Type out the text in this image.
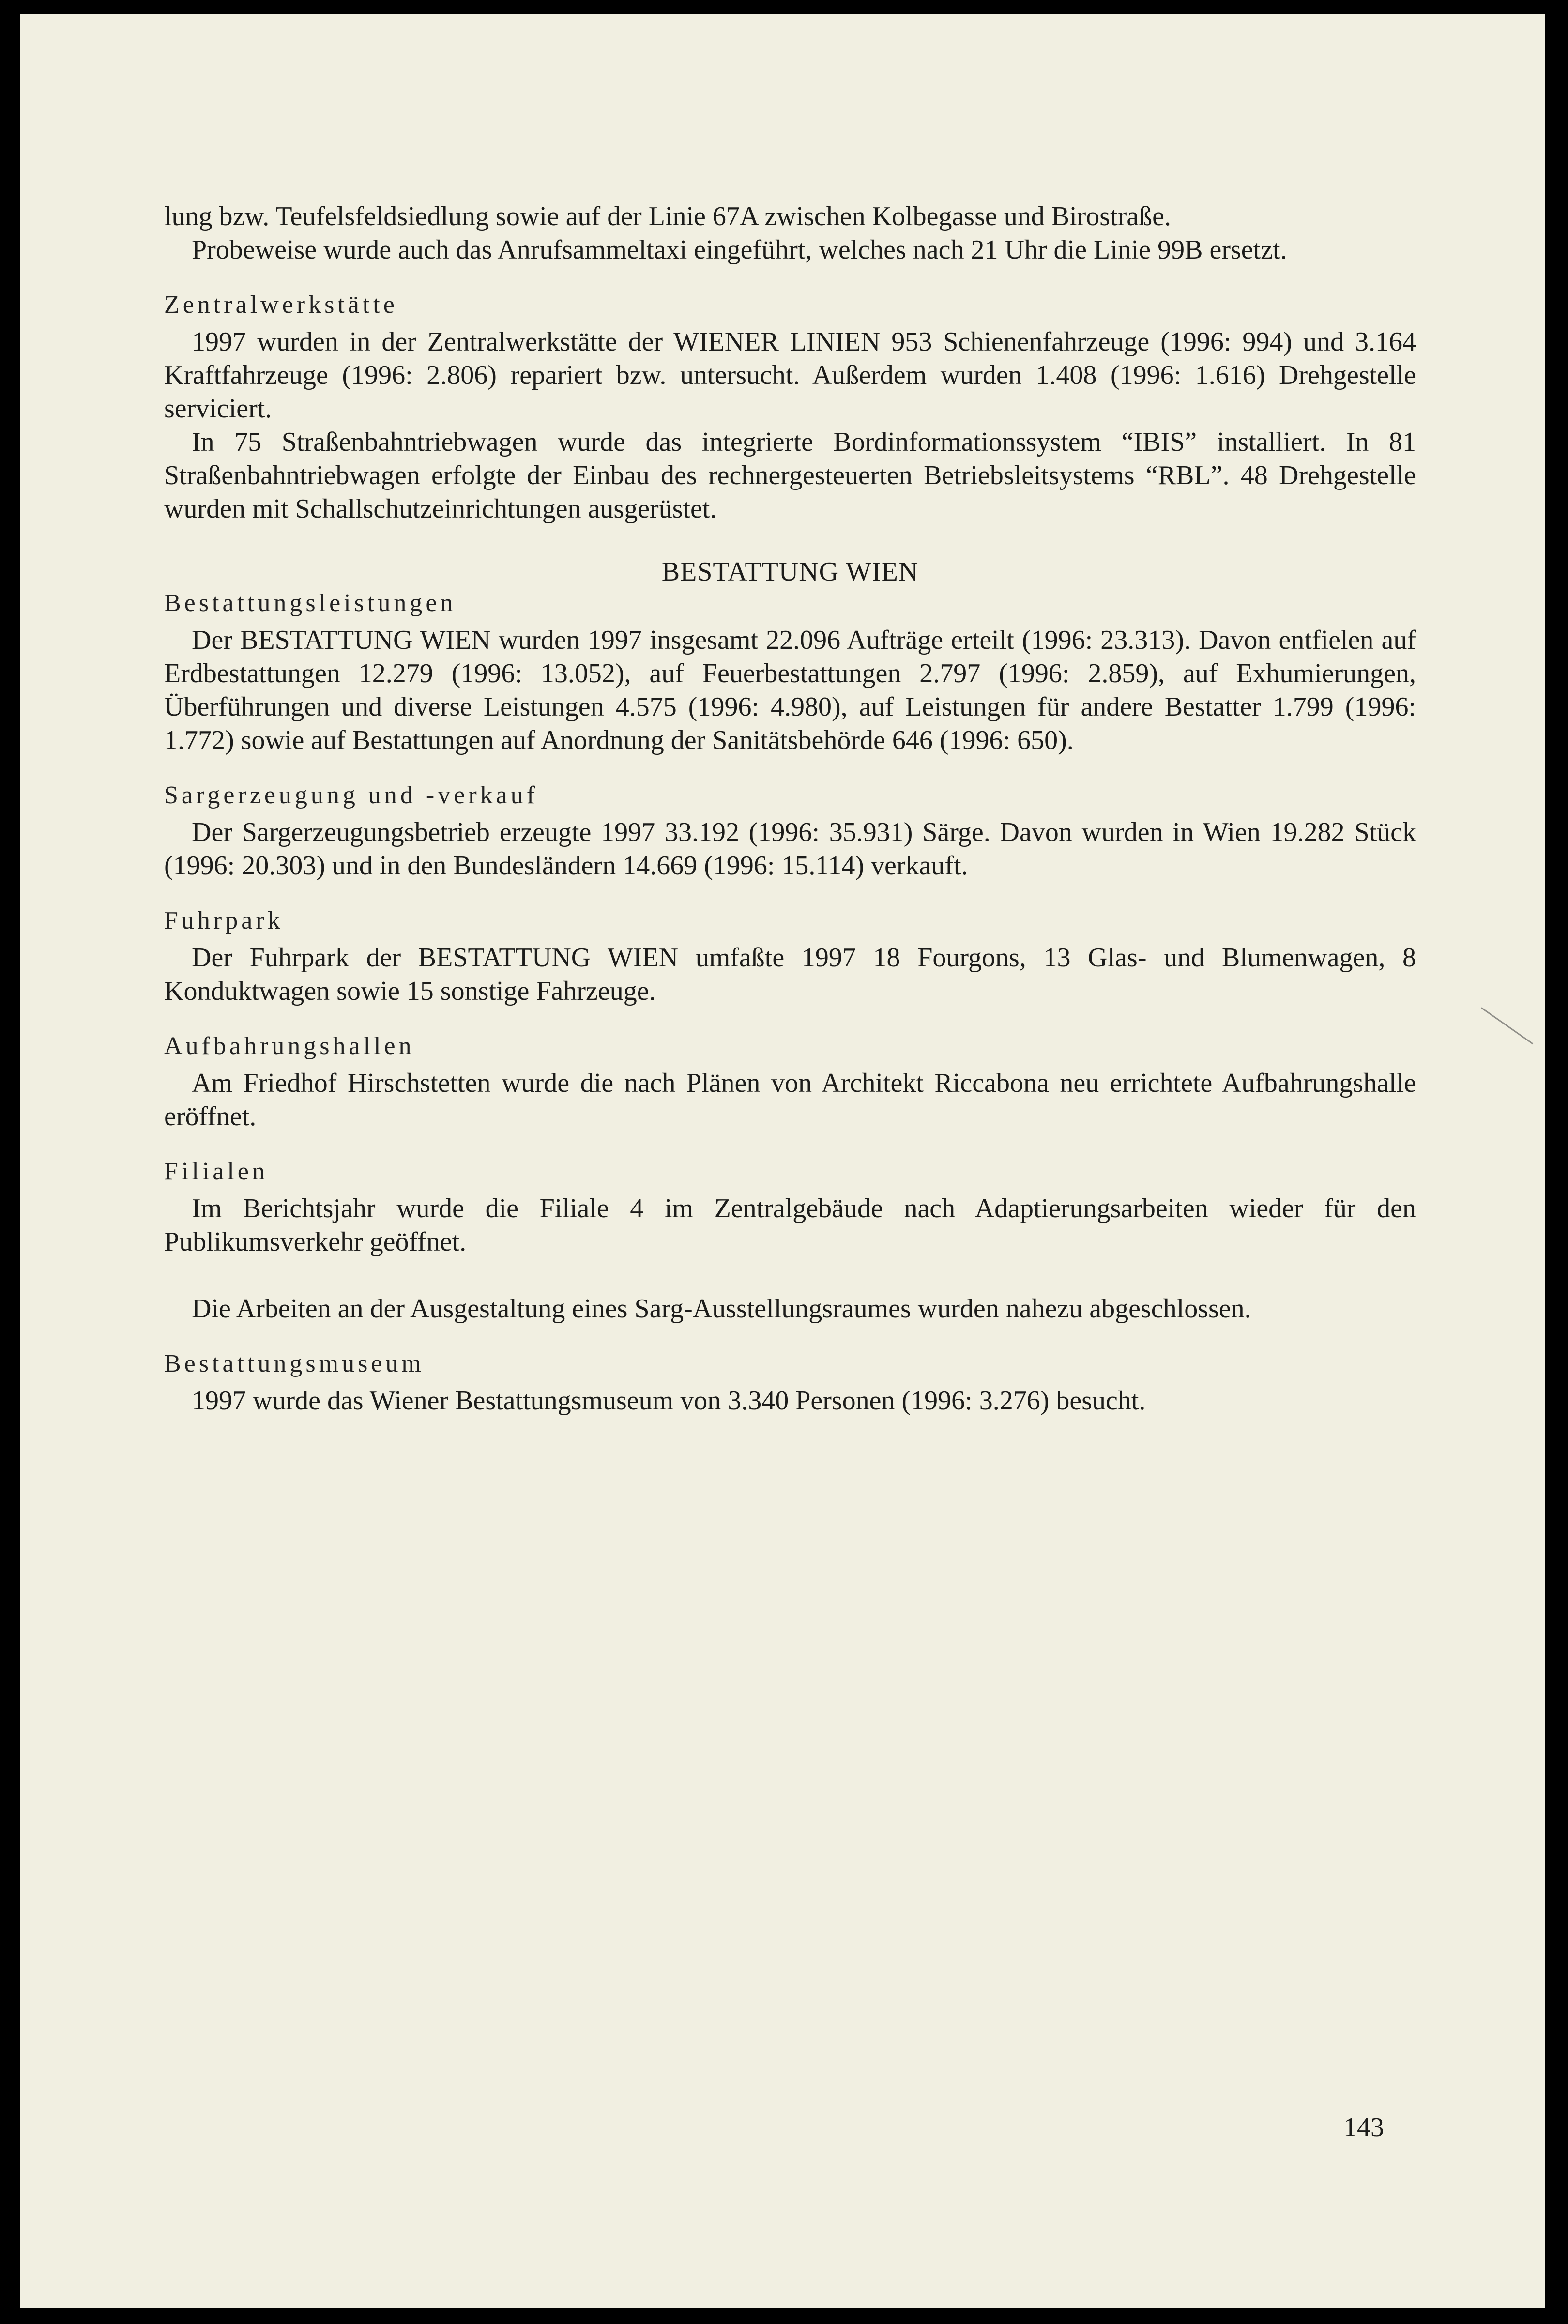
lung bzw. Teufelsfeldsiedlung sowie auf der Linie 67A zwischen Kolbegasse und Birostraße.

Probeweise wurde auch das Anrufsammeltaxi eingeführt, welches nach 21 Uhr die Linie 99B ersetzt.

Zentralwerkstätte

1997 wurden in der Zentralwerkstätte der WIENER LINIEN 953 Schienenfahrzeuge (1996: 994) und 3.164 Kraftfahrzeuge (1996: 2.806) repariert bzw. untersucht. Außerdem wurden 1.408 (1996: 1.616) Drehgestelle serviciert.

In 75 Straßenbahntriebwagen wurde das integrierte Bordinformationssystem “IBIS” installiert. In 81 Straßenbahntriebwagen erfolgte der Einbau des rechnergesteuerten Betriebsleitsystems “RBL”. 48 Drehgestelle wurden mit Schallschutzeinrichtungen ausgerüstet.

BESTATTUNG WIEN
Bestattungsleistungen

Der BESTATTUNG WIEN wurden 1997 insgesamt 22.096 Aufträge erteilt (1996: 23.313). Davon entfielen auf Erdbestattungen 12.279 (1996: 13.052), auf Feuerbestattungen 2.797 (1996: 2.859), auf Exhumierungen, Überführungen und diverse Leistungen 4.575 (1996: 4.980), auf Leistungen für andere Bestatter 1.799 (1996: 1.772) sowie auf Bestattungen auf Anordnung der Sanitätsbehörde 646 (1996: 650).

Sargerzeugung und -verkauf

Der Sargerzeugungsbetrieb erzeugte 1997 33.192 (1996: 35.931) Särge. Davon wurden in Wien 19.282 Stück (1996: 20.303) und in den Bundesländern 14.669 (1996: 15.114) verkauft.

Fuhrpark

Der Fuhrpark der BESTATTUNG WIEN umfaßte 1997 18 Fourgons, 13 Glas- und Blumenwagen, 8 Konduktwagen sowie 15 sonstige Fahrzeuge.

Aufbahrungshallen

Am Friedhof Hirschstetten wurde die nach Plänen von Architekt Riccabona neu errichtete Aufbahrungshalle eröffnet.

Filialen

Im Berichtsjahr wurde die Filiale 4 im Zentralgebäude nach Adaptierungsarbeiten wieder für den Publikumsverkehr geöffnet.

Die Arbeiten an der Ausgestaltung eines Sarg-Ausstellungsraumes wurden nahezu abgeschlossen.

Bestattungsmuseum

1997 wurde das Wiener Bestattungsmuseum von 3.340 Personen (1996: 3.276) besucht.

143
